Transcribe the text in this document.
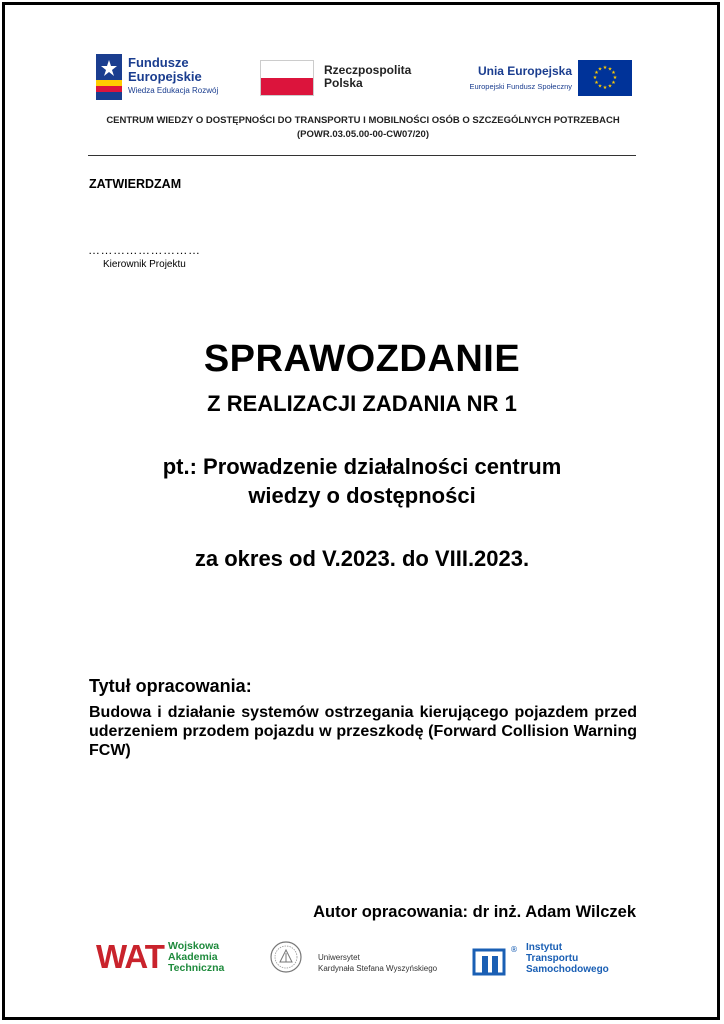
Fundusze
Europejskie
Wiedza Edukacja Rozwój
Rzeczpospolita
Polska
Unia Europejska
Europejski Fundusz Społeczny
★ ★
★
★
★
★
★
★
★
★
★
★
CENTRUM WIEDZY O DOSTĘPNOŚCI DO TRANSPORTU I MOBILNOŚCI OSÓB O SZCZEGÓLNYCH POTRZEBACH
(POWR.03.05.00-00-CW07/20)
ZATWIERDZAM
………………………
Kierownik Projektu
SPRAWOZDANIE
Z REALIZACJI ZADANIA NR 1
pt.: Prowadzenie działalności centrum
wiedzy o dostępności
za okres od V.2023. do VIII.2023.
Tytuł opracowania:
Budowa i działanie systemów ostrzegania kierującego pojazdem przed uderzeniem przodem pojazdu w przeszkodę (Forward Collision Warning FCW)
Autor opracowania: dr inż. Adam Wilczek
WAT Wojskowa
Akademia
Techniczna
Uniwersytet
Kardynała Stefana Wyszyńskiego
® Instytut
Transportu
Samochodowego
